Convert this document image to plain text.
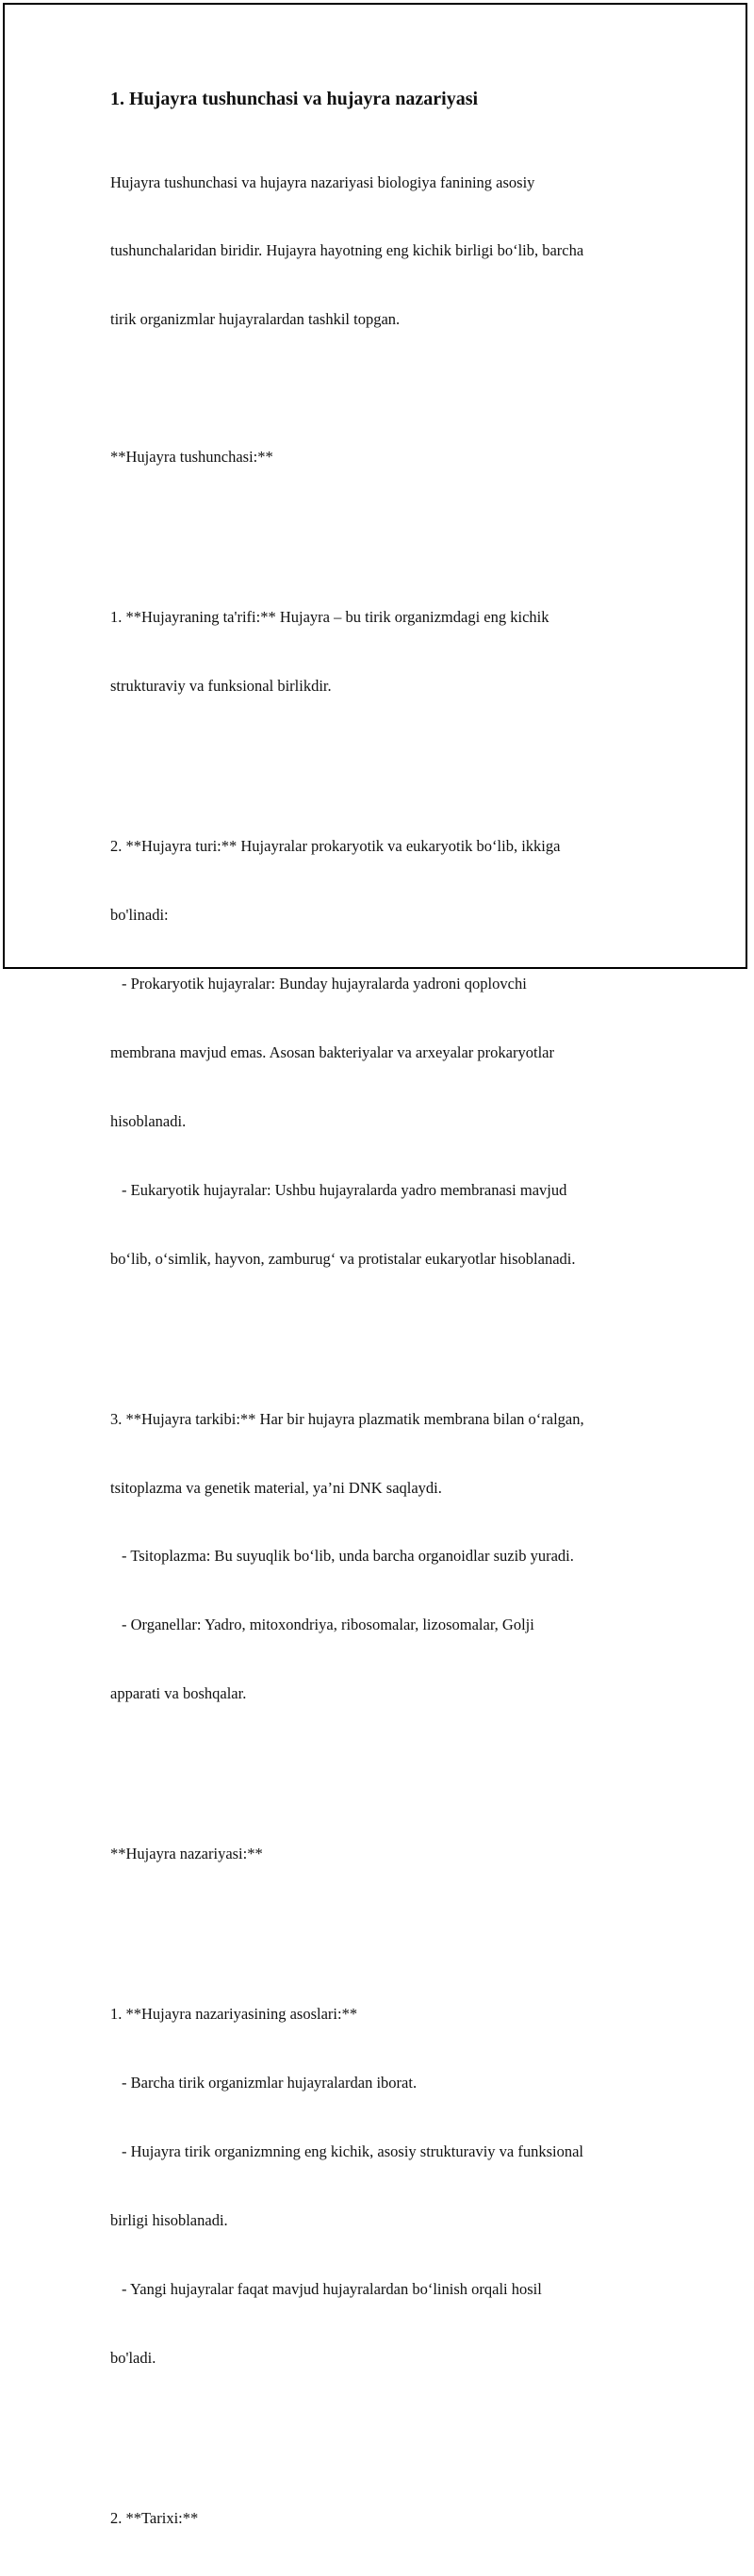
1. Hujayra tushunchasi va hujayra nazariyasi

Hujayra tushunchasi va hujayra nazariyasi biologiya fanining asosiy

tushunchalaridan biridir. Hujayra hayotning eng kichik birligi bo‘lib, barcha

tirik organizmlar hujayralardan tashkil topgan.

**Hujayra tushunchasi:**

1. **Hujayraning ta'rifi:** Hujayra – bu tirik organizmdagi eng kichik

strukturaviy va funksional birlikdir.

2. **Hujayra turi:** Hujayralar prokaryotik va eukaryotik bo‘lib, ikkiga

bo'linadi:

- Prokaryotik hujayralar: Bunday hujayralarda yadroni qoplovchi

membrana mavjud emas. Asosan bakteriyalar va arxeyalar prokaryotlar

hisoblanadi.

- Eukaryotik hujayralar: Ushbu hujayralarda yadro membranasi mavjud

bo‘lib, o‘simlik, hayvon, zamburug‘ va protistalar eukaryotlar hisoblanadi.

3. **Hujayra tarkibi:** Har bir hujayra plazmatik membrana bilan o‘ralgan,

tsitoplazma va genetik material, ya’ni DNK saqlaydi.

- Tsitoplazma: Bu suyuqlik bo‘lib, unda barcha organoidlar suzib yuradi.

- Organellar: Yadro, mitoxondriya, ribosomalar, lizosomalar, Golji

apparati va boshqalar.

**Hujayra nazariyasi:**

1. **Hujayra nazariyasining asoslari:**

- Barcha tirik organizmlar hujayralardan iborat.

- Hujayra tirik organizmning eng kichik, asosiy strukturaviy va funksional

birligi hisoblanadi.

- Yangi hujayralar faqat mavjud hujayralardan bo‘linish orqali hosil

bo'ladi.

2. **Tarixi:**
